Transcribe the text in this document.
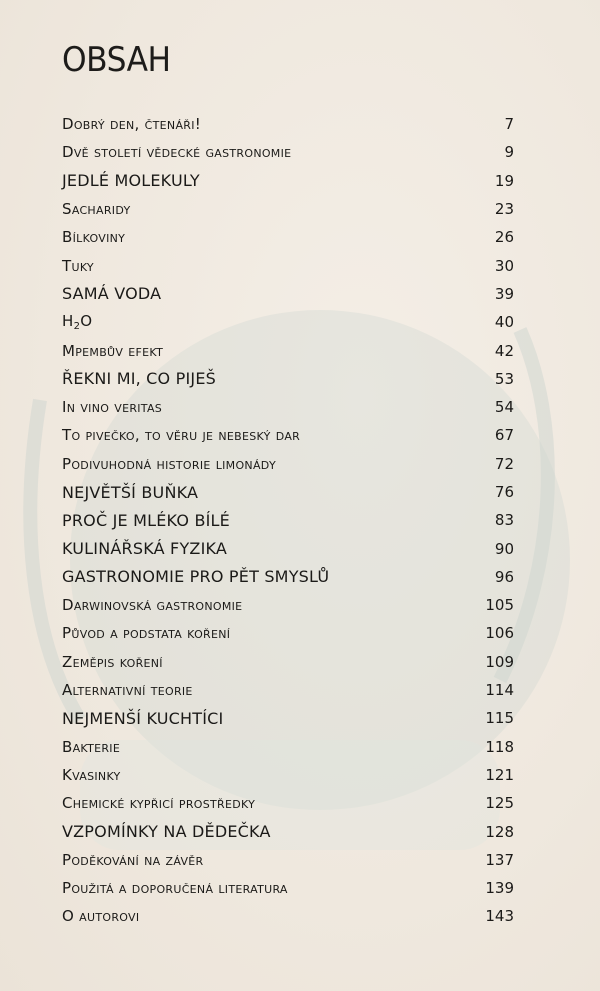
OBSAH
Dobrý den, čtenáři!	7
Dvě století vědecké gastronomie	9
JEDLÉ MOLEKULY	19
Sacharidy	23
Bílkoviny	26
Tuky	30
SAMÁ VODA	39
$H_2O$	40
Mpembův efekt	42
ŘEKNI MI, CO PIJEŠ	53
In vino veritas	54
To pivečko, to věru je nebeský dar	67
Podivuhodná historie limonády	72
NEJVĚTŠÍ BUŇKA	76
PROČ JE MLÉKO BÍLÉ	83
KULINÁŘSKÁ FYZIKA	90
GASTRONOMIE PRO PĚT SMYSLŮ	96
Darwinovská gastronomie	105
Původ a podstata koření	106
Zeměpis koření	109
Alternativní teorie	114
NEJMENŠÍ KUCHTÍCI	115
Bakterie	118
Kvasinky	121
Chemické kypřicí prostředky	125
VZPOMÍNKY NA DĚDEČKA	128
Poděkování na závěr	137
Použitá a doporučená literatura	139
O autorovi	143
